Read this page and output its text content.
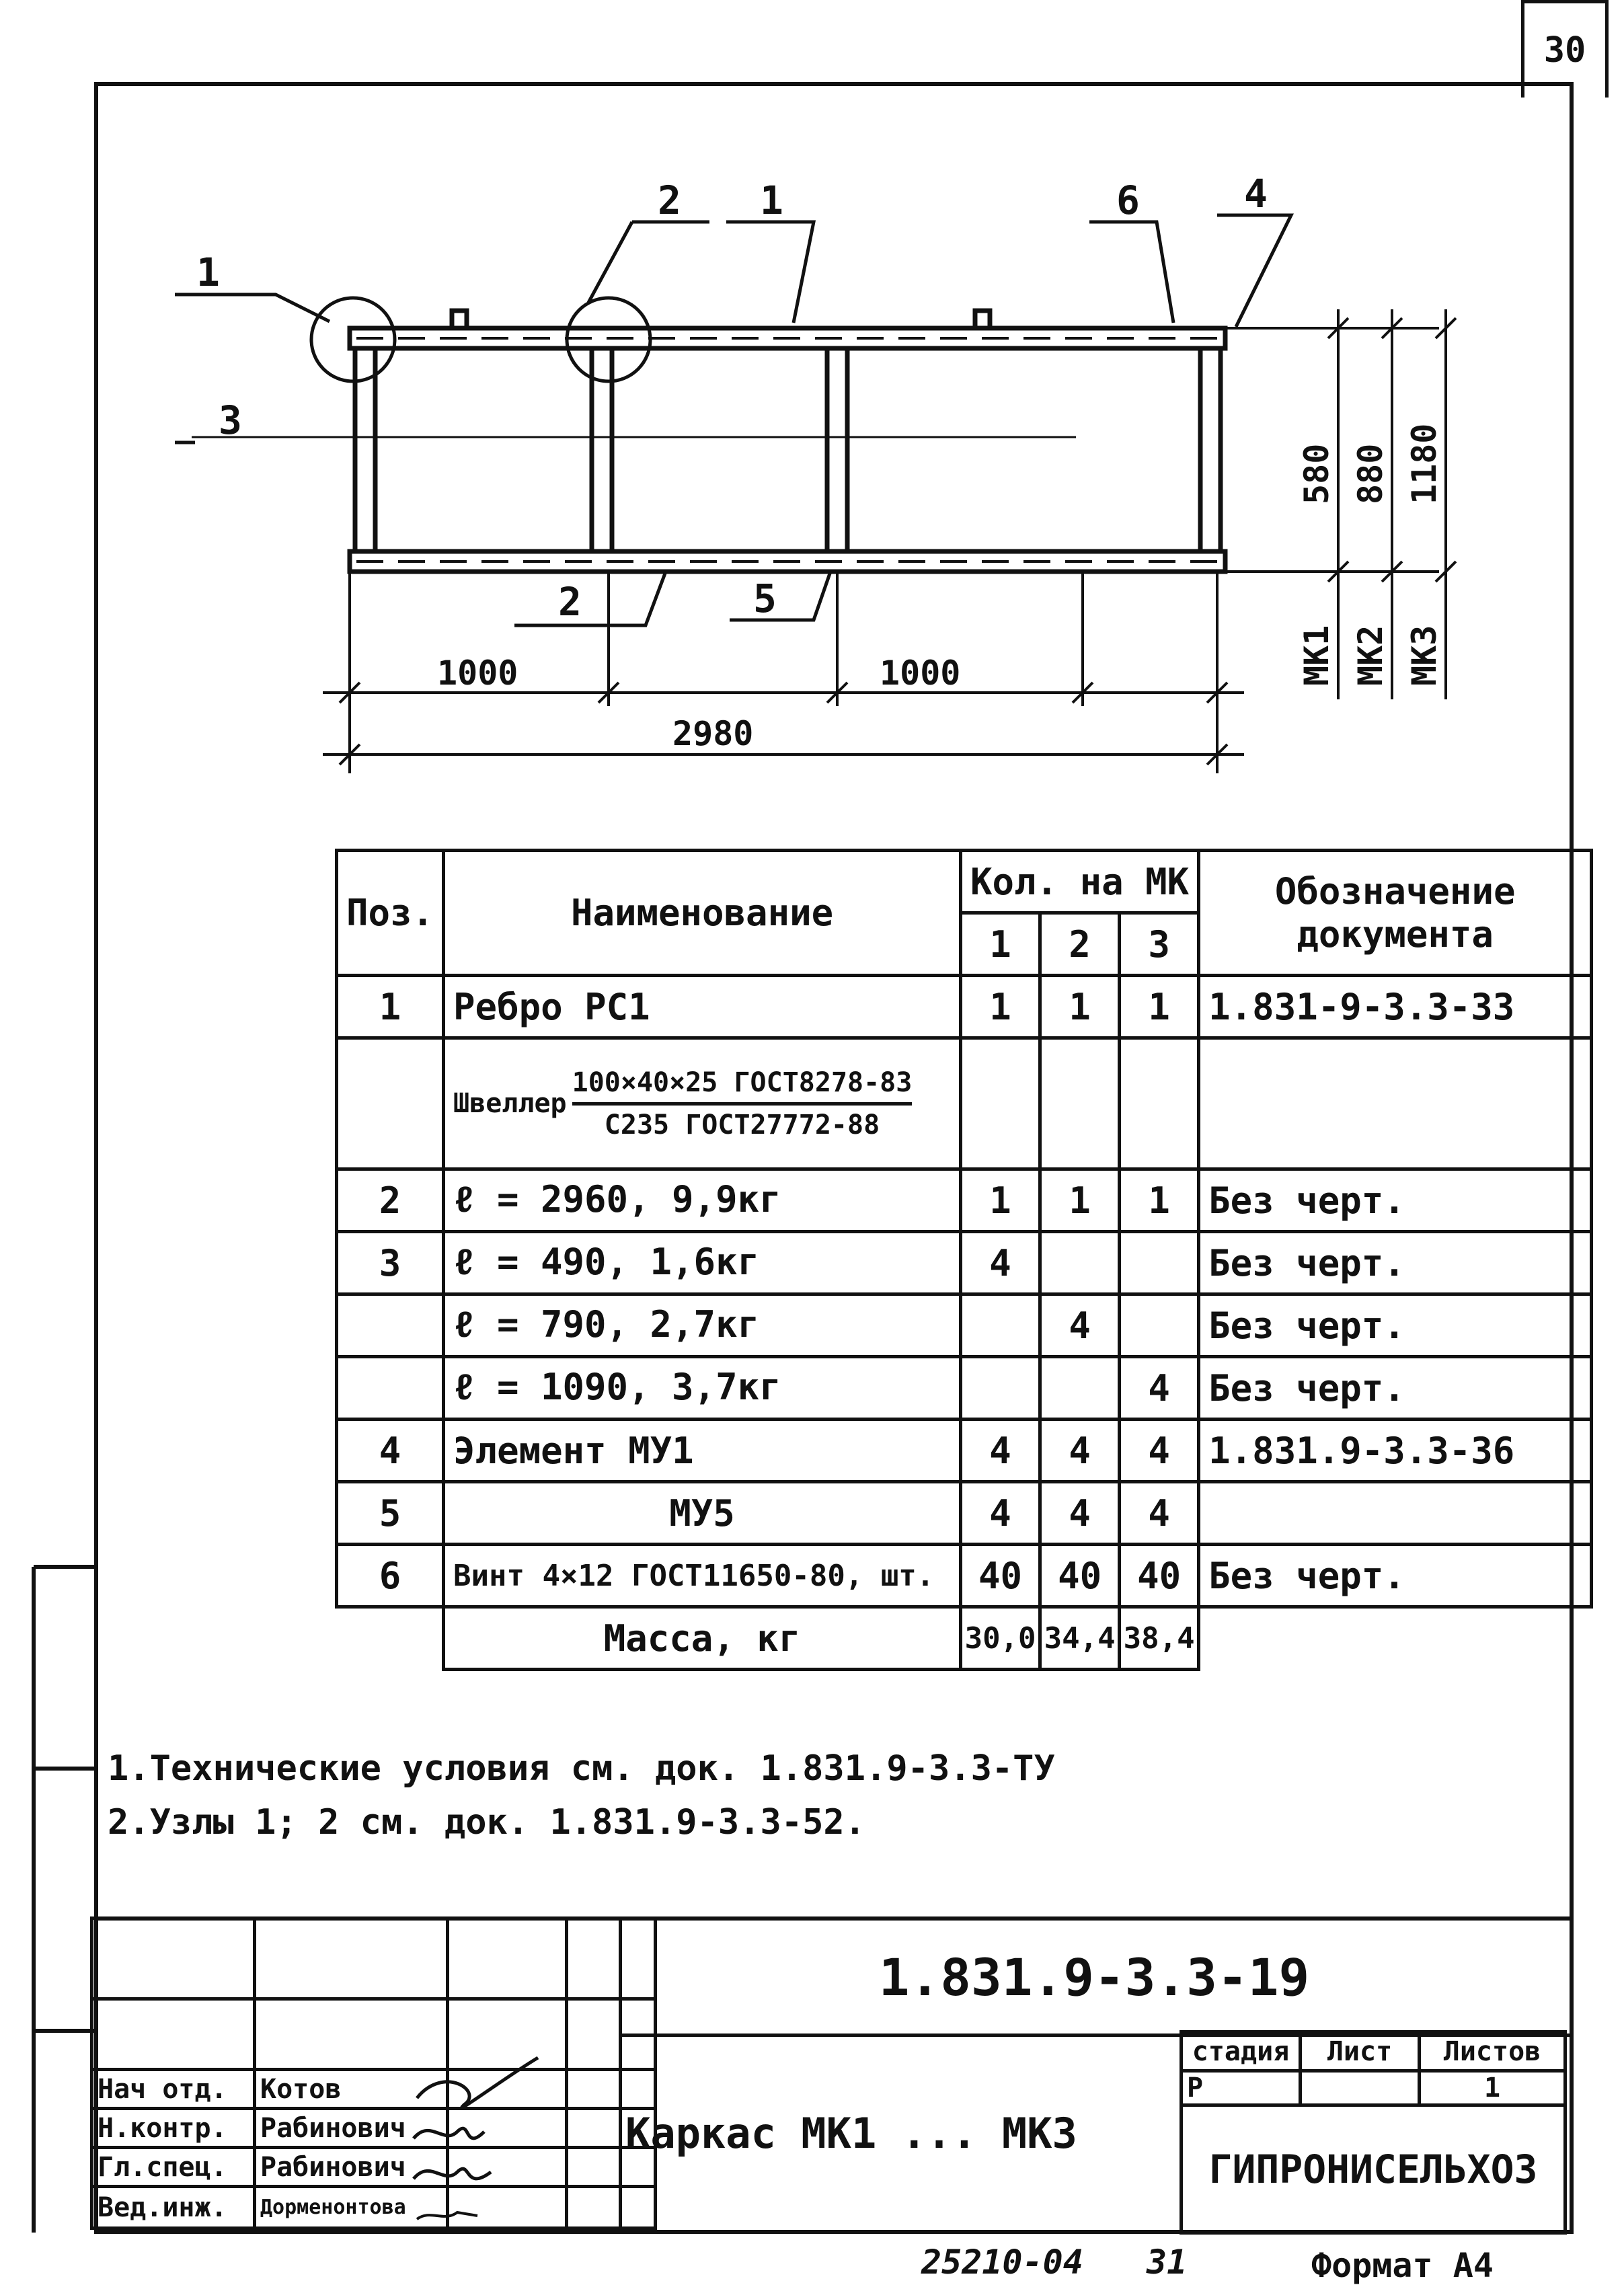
30
2 1	6	4
1
3
2	5
1000	1000
2980
580 880 1180
МК1 МК2 МК3
Поз.	Наименование	Кол. на МК			Обозначение документа
		1	2	3	
1	Ребро РС1	1	1	1	1.831-9-3.3-33

	Швеллер
100×40×25 ГОСТ8278-83
С235 ГОСТ27772-88				

2	ℓ = 2960, 9,9кг	1	1	1	Без черт.
3	ℓ = 490, 1,6кг	4			Без черт.
	ℓ = 790, 2,7кг		4		Без черт.
	ℓ = 1090, 3,7кг			4	Без черт.
4	Элемент МУ1	4	4	4	1.831.9-3.3-36
5	МУ5	4	4	4	
6	Винт 4×12 ГОСТ11650-80, шт.	40	40	40	Без черт.
	Масса, кг	30,0	34,4	38,4	
1.Технические условия см. док. 1.831.9-3.3-ТУ
2.Узлы 1; 2 см. док. 1.831.9-3.3-52.

Нач отд.	Котов		
Н.контр.	Рабинович		
Гл.спец.	Рабинович		
Вед.инж.	Дорменонтова		
1.831.9-3.3-19
Каркас МК1 ... МК3
стадия	Лист	Листов
Р		1
ГИПРОНИСЕЛЬХОЗ		
25210-04 31	Формат А4
